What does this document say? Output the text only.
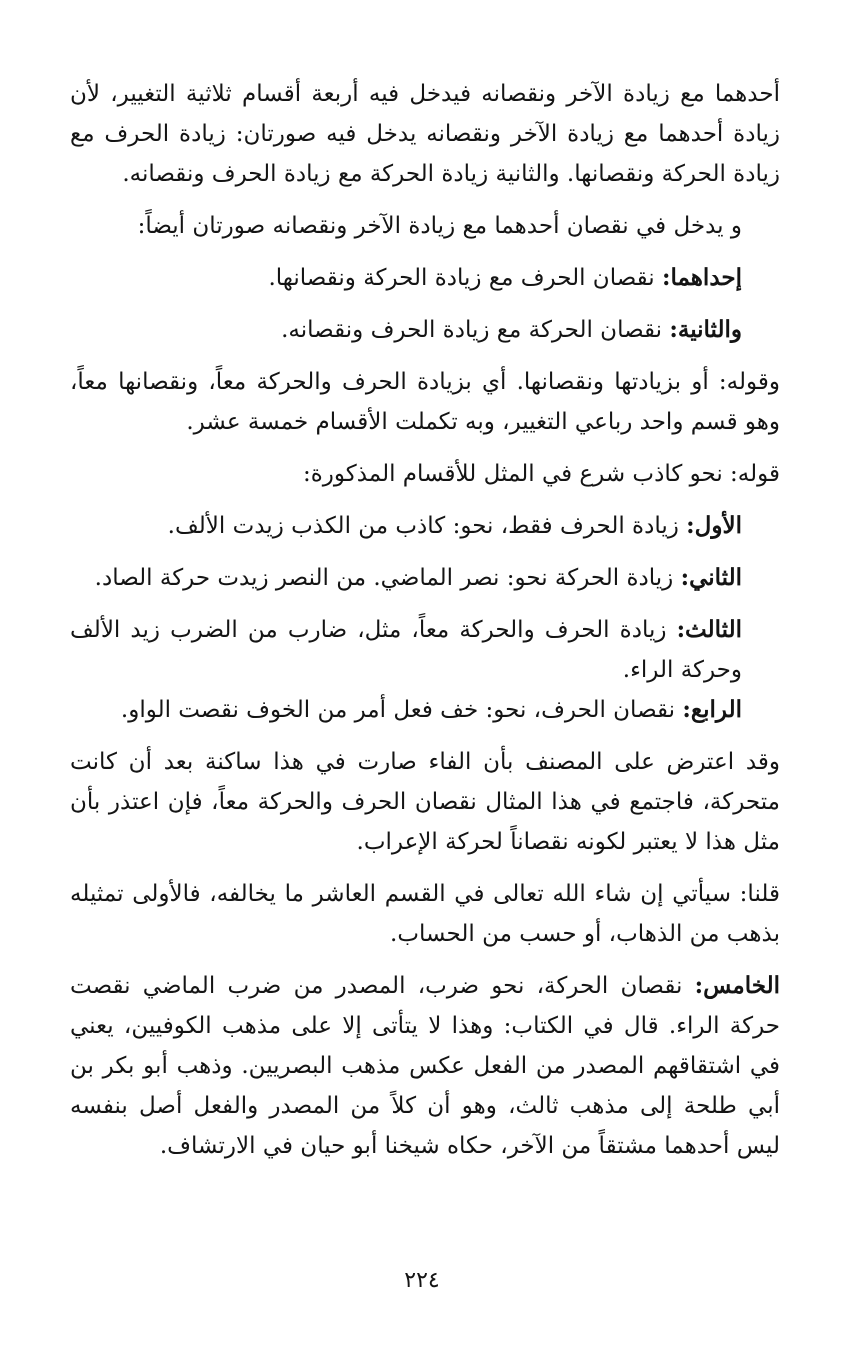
أحدهما مع زيادة الآخر ونقصانه فيدخل فيه أربعة أقسام ثلاثية التغيير، لأن زيادة أحدهما مع زيادة الآخر ونقصانه يدخل فيه صورتان: زيادة الحرف مع زيادة الحركة ونقصانها. والثانية زيادة الحركة مع زيادة الحرف ونقصانه.

و يدخل في نقصان أحدهما مع زيادة الآخر ونقصانه صورتان أيضاً:

إحداهما: نقصان الحرف مع زيادة الحركة ونقصانها.

والثانية: نقصان الحركة مع زيادة الحرف ونقصانه.

وقوله: أو بزيادتها ونقصانها. أي بزيادة الحرف والحركة معاً، ونقصانها معاً، وهو قسم واحد رباعي التغيير، وبه تكملت الأقسام خمسة عشر.

قوله: نحو كاذب شرع في المثل للأقسام المذكورة:

الأول: زيادة الحرف فقط، نحو: كاذب من الكذب زيدت الألف.

الثاني: زيادة الحركة نحو: نصر الماضي. من النصر زيدت حركة الصاد.

الثالث: زيادة الحرف والحركة معاً، مثل، ضارب من الضرب زيد الألف وحركة الراء.

الرابع: نقصان الحرف، نحو: خف فعل أمر من الخوف نقصت الواو.

وقد اعترض على المصنف بأن الفاء صارت في هذا ساكنة بعد أن كانت متحركة، فاجتمع في هذا المثال نقصان الحرف والحركة معاً، فإن اعتذر بأن مثل هذا لا يعتبر لكونه نقصاناً لحركة الإعراب.

قلنا: سيأتي إن شاء الله تعالى في القسم العاشر ما يخالفه، فالأولى تمثيله بذهب من الذهاب، أو حسب من الحساب.

الخامس: نقصان الحركة، نحو ضرب، المصدر من ضرب الماضي نقصت حركة الراء. قال في الكتاب: وهذا لا يتأتى إلا على مذهب الكوفيين، يعني في اشتقاقهم المصدر من الفعل عكس مذهب البصريين. وذهب أبو بكر بن أبي طلحة إلى مذهب ثالث، وهو أن كلاً من المصدر والفعل أصل بنفسه ليس أحدهما مشتقاً من الآخر، حكاه شيخنا أبو حيان في الارتشاف.

٢٢٤
